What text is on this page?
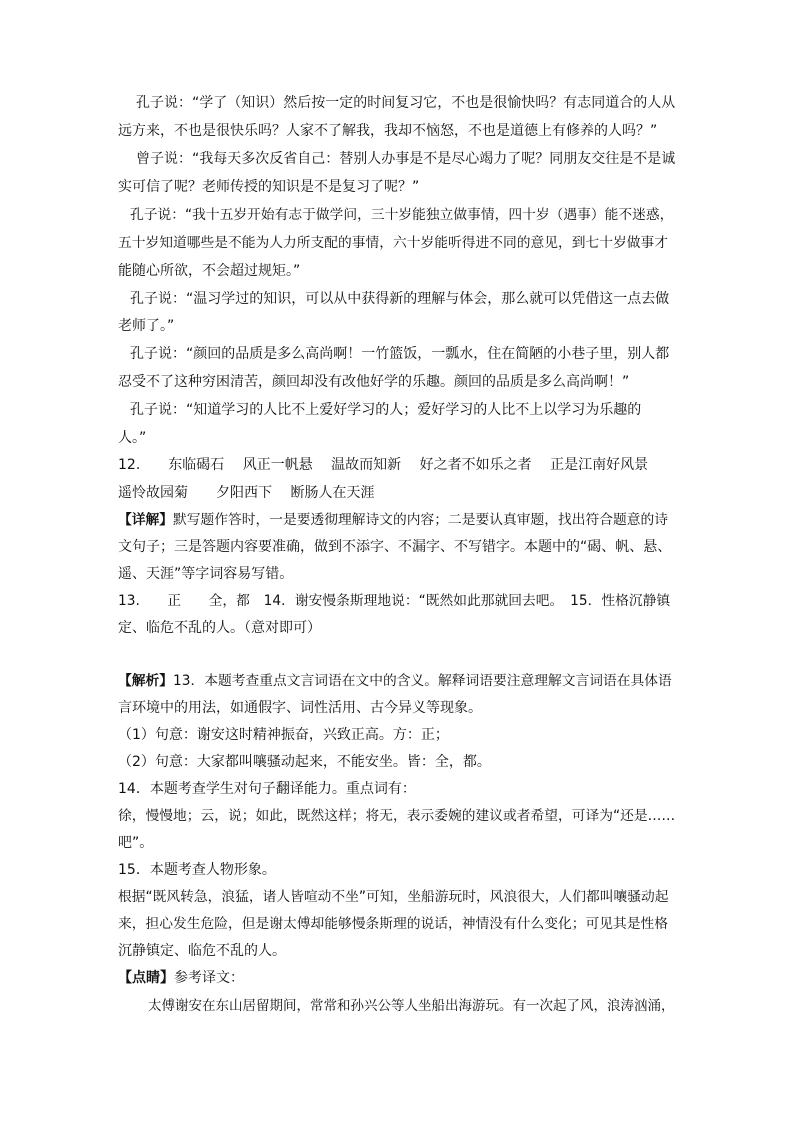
孔子说：“学了（知识）然后按一定的时间复习它，不也是很愉快吗？有志同道合的人从
远方来，不也是很快乐吗？人家不了解我，我却不恼怒，不也是道德上有修养的人吗？”
曾子说：“我每天多次反省自己：替别人办事是不是尽心竭力了呢？同朋友交往是不是诚
实可信了呢？老师传授的知识是不是复习了呢？”
孔子说：“我十五岁开始有志于做学问，三十岁能独立做事情，四十岁（遇事）能不迷惑，
五十岁知道哪些是不能为人力所支配的事情，六十岁能听得进不同的意见，到七十岁做事才
能随心所欲，不会超过规矩。”
孔子说：“温习学过的知识，可以从中获得新的理解与体会，那么就可以凭借这一点去做
老师了。”
孔子说：“颜回的品质是多么高尚啊！一竹篮饭，一瓢水，住在简陋的小巷子里，别人都
忍受不了这种穷困清苦，颜回却没有改他好学的乐趣。颜回的品质是多么高尚啊！”
孔子说：“知道学习的人比不上爱好学习的人；爱好学习的人比不上以学习为乐趣的
人。”
12.　　东临碣石　 风正一帆悬　 温故而知新　 好之者不如乐之者　 正是江南好风景
遥怜故园菊　　夕阳西下　 断肠人在天涯
【详解】默写题作答时，一是要透彻理解诗文的内容；二是要认真审题，找出符合题意的诗
文句子；三是答题内容要准确，做到不添字、不漏字、不写错字。本题中的“碣、帆、悬、
遥、天涯”等字词容易写错。
13.　　正　　全，都　14．谢安慢条斯理地说：“既然如此那就回去吧。　15．性格沉静镇
定、临危不乱的人。（意对即可）
【解析】13．本题考查重点文言词语在文中的含义。解释词语要注意理解文言词语在具体语
言环境中的用法，如通假字、词性活用、古今异义等现象。
（1）句意：谢安这时精神振奋，兴致正高。方：正；
（2）句意：大家都叫嚷骚动起来，不能安坐。皆：全，都。
14．本题考查学生对句子翻译能力。重点词有：
徐，慢慢地；云，说；如此，既然这样；将无，表示委婉的建议或者希望，可译为“还是……
吧”。
15．本题考查人物形象。
根据“既风转急，浪猛，诸人皆喧动不坐”可知，坐船游玩时，风浪很大，人们都叫嚷骚动起
来，担心发生危险，但是谢太傅却能够慢条斯理的说话，神情没有什么变化；可见其是性格
沉静镇定、临危不乱的人。
【点睛】参考译文：
太傅谢安在东山居留期间，常常和孙兴公等人坐船出海游玩。有一次起了风，浪涛汹涌，
